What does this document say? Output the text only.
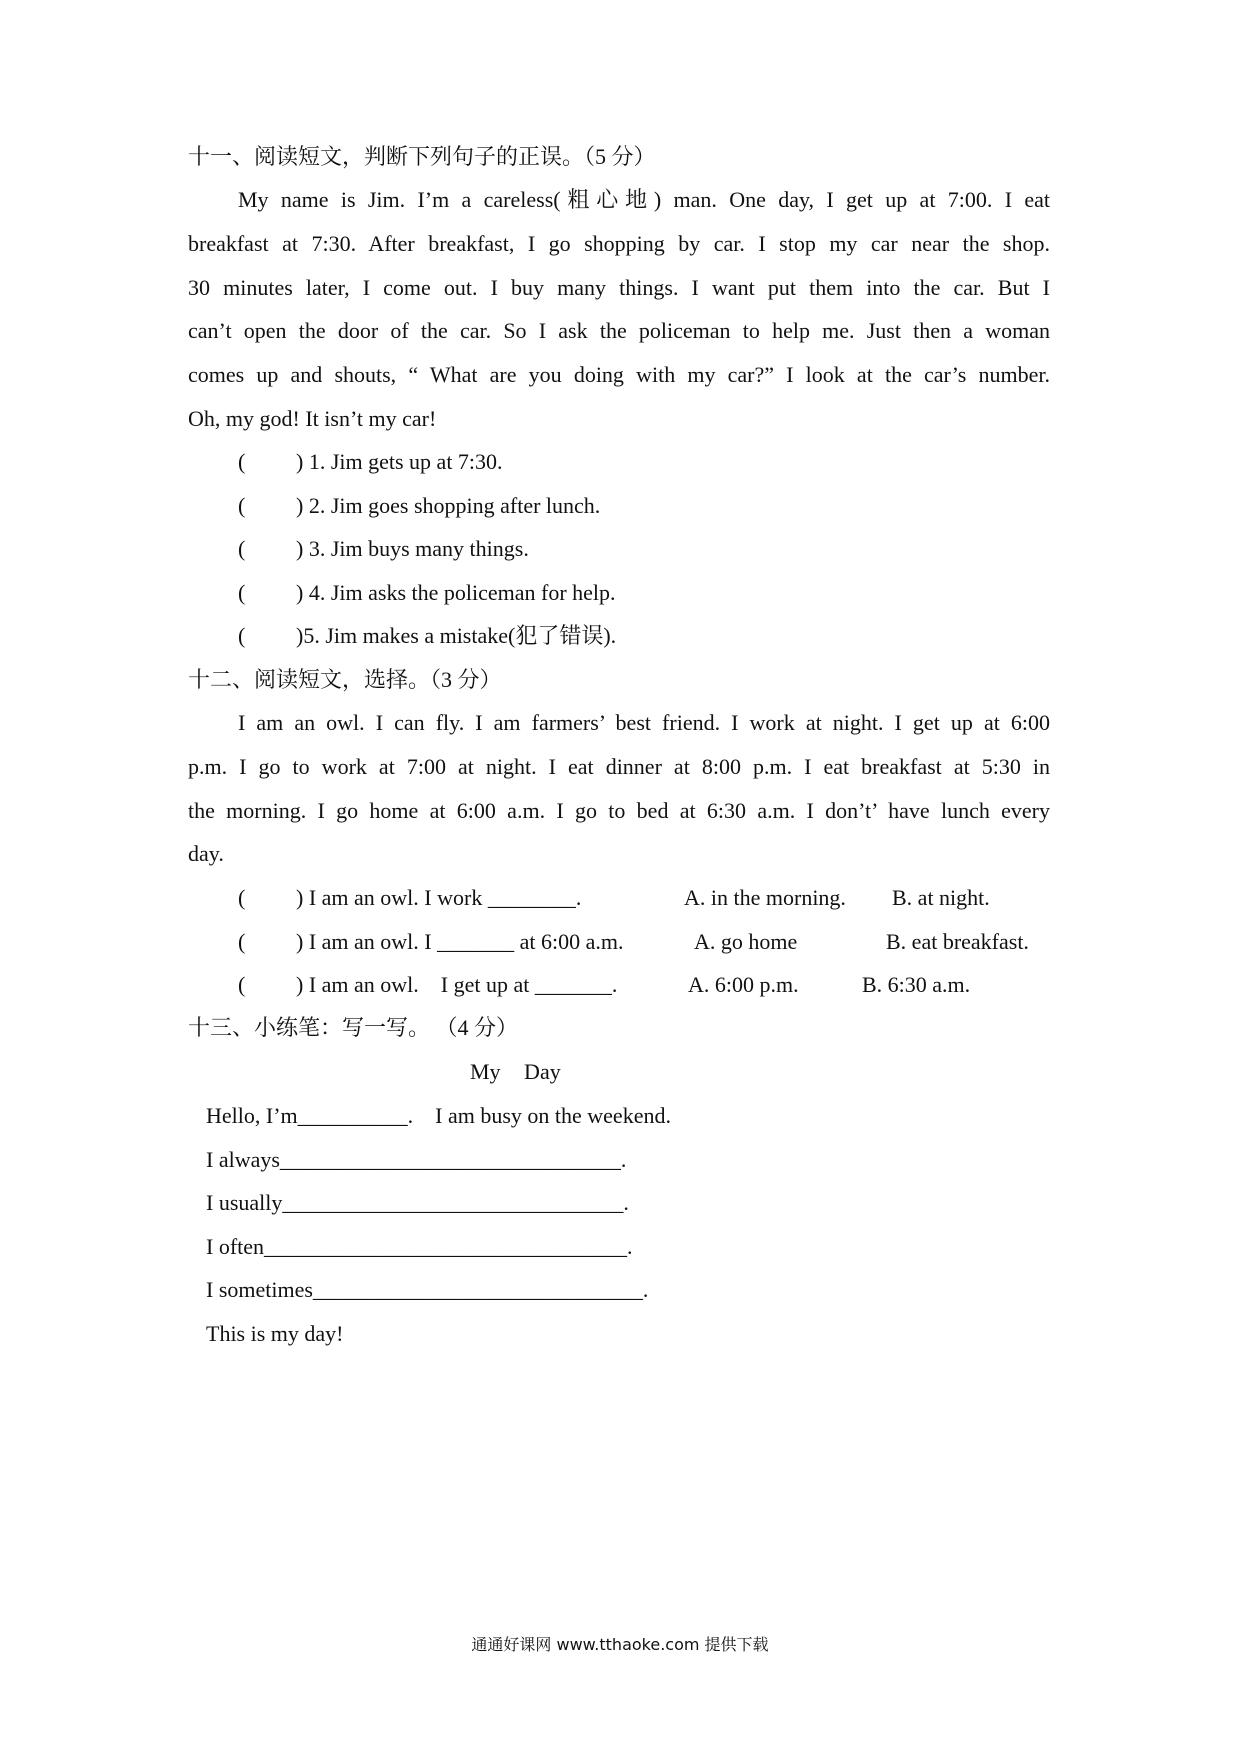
十一、阅读短文，判断下列句子的正误。（5 分）
My name is Jim. I’m a careless(粗心地) man. One day, I get up at 7:00. I eat
breakfast at 7:30. After breakfast, I go shopping by car. I stop my car near the shop.
30 minutes later, I come out. I buy many things. I want put them into the car. But I
can’t open the door of the car. So I ask the policeman to help me. Just then a woman
comes up and shouts, “ What are you doing with my car?” I look at the car’s number.
Oh, my god! It isn’t my car!
( ) 1. Jim gets up at 7:30.
( ) 2. Jim goes shopping after lunch.
( ) 3. Jim buys many things.
( ) 4. Jim asks the policeman for help.
( )5. Jim makes a mistake(犯了错误).
十二、阅读短文，选择。（3 分）
I am an owl. I can fly. I am farmers’ best friend. I work at night. I get up at 6:00
p.m. I go to work at 7:00 at night. I eat dinner at 8:00 p.m. I eat breakfast at 5:30 in
the morning. I go home at 6:00 a.m. I go to bed at 6:30 a.m. I don’t’ have lunch every
day.
( ) I am an owl. I work ________.	A. in the morning. B. at night.
( ) I am an owl. I _______ at 6:00 a.m.	A. go home	B. eat breakfast.
( ) I am an owl.    I get up at _______.	A. 6:00 p.m.	B. 6:30 a.m.
十三、小练笔：写一写。 （4 分）
My Day
Hello, I’m__________.    I am busy on the weekend.
I always_______________________________.
I usually_______________________________.
I often_________________________________.
I sometimes______________________________.
This is my day!
通通好课网 www.tthaoke.com 提供下载
